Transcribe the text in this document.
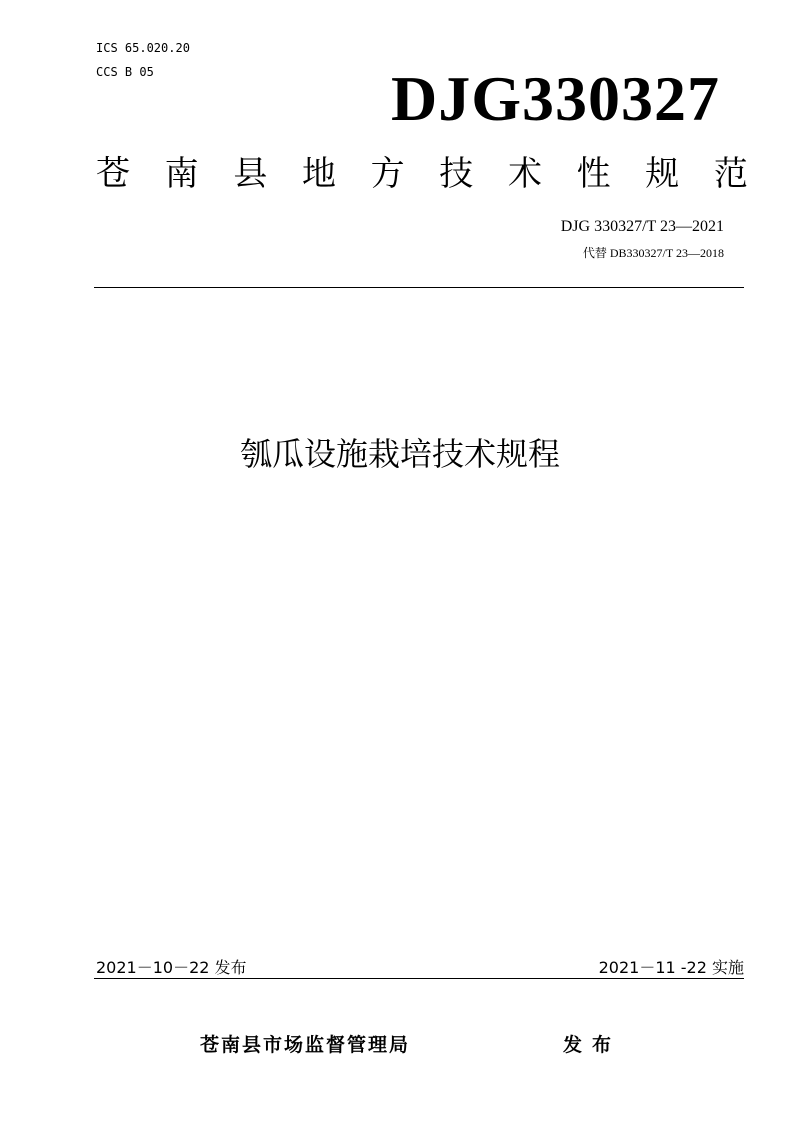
ICS 65.020.20
CCS B 05	DJG330327
苍 南 县 地 方 技 术 性 规 范
DJG 330327/T 23—2021
代替 DB330327/T 23—2018
瓠瓜设施栽培技术规程
2021－10－22 发布	2021－11 -22 实施
苍南县市场监督管理局	发布
